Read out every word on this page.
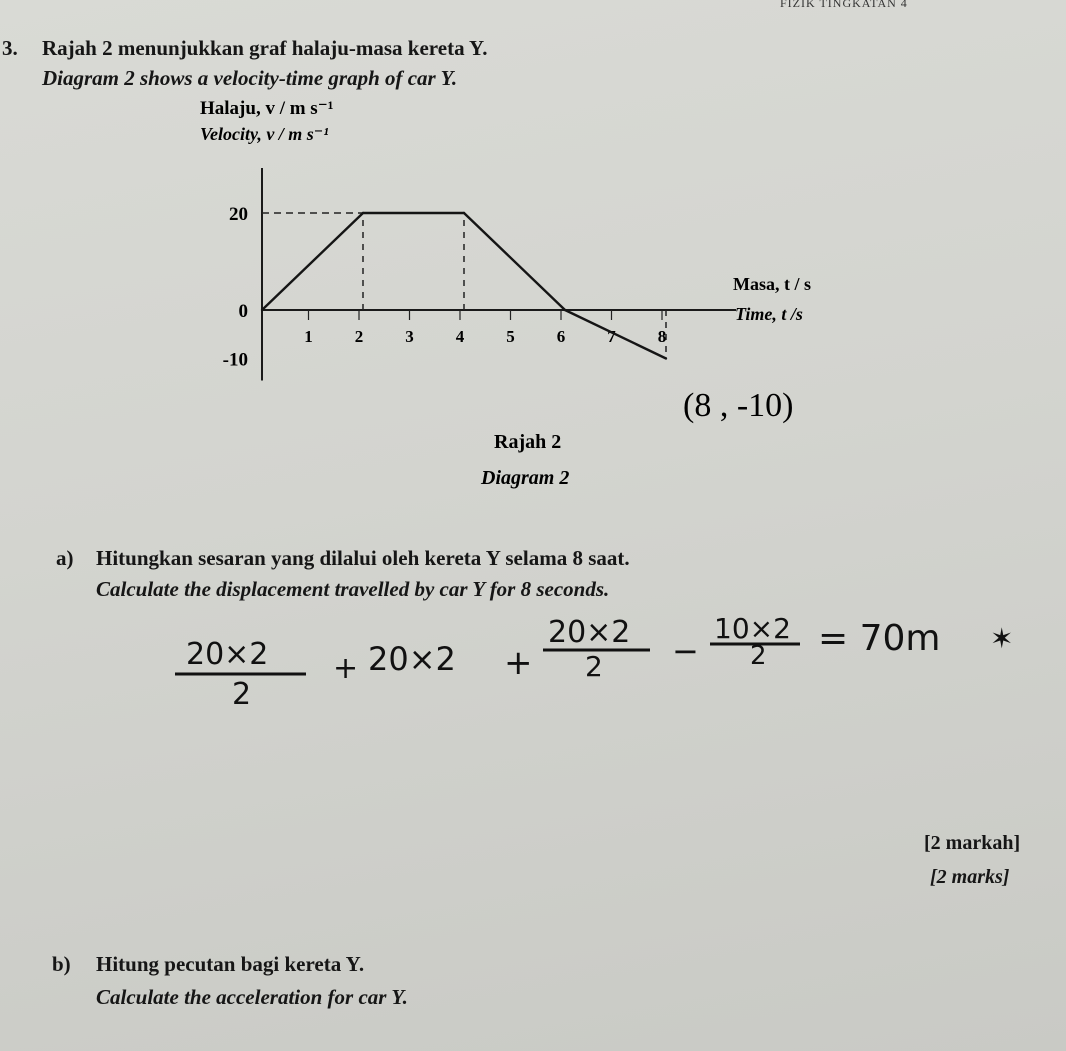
FIZIK TINGKATAN 4
3. Rajah 2 menunjukkan graf halaju-masa kereta Y.
Diagram 2 shows a velocity-time graph of car Y.
Halaju, v / m s⁻¹
Velocity, v / m s⁻¹
20
0
-10
1 2 3 4 5 6 7 8
Masa, t / s
Time, t /s
(8 , -10)
Rajah 2
Diagram 2
a) Hitungkan sesaran yang dilalui oleh kereta Y selama 8 saat.
Calculate the displacement travelled by car Y for 8 seconds.
20×2
2
+ 20×2 +
20×2
2 −
10×2
2 = 70m ✶
[2 markah]
[2 marks]
b) Hitung pecutan bagi kereta Y.
Calculate the acceleration for car Y.
